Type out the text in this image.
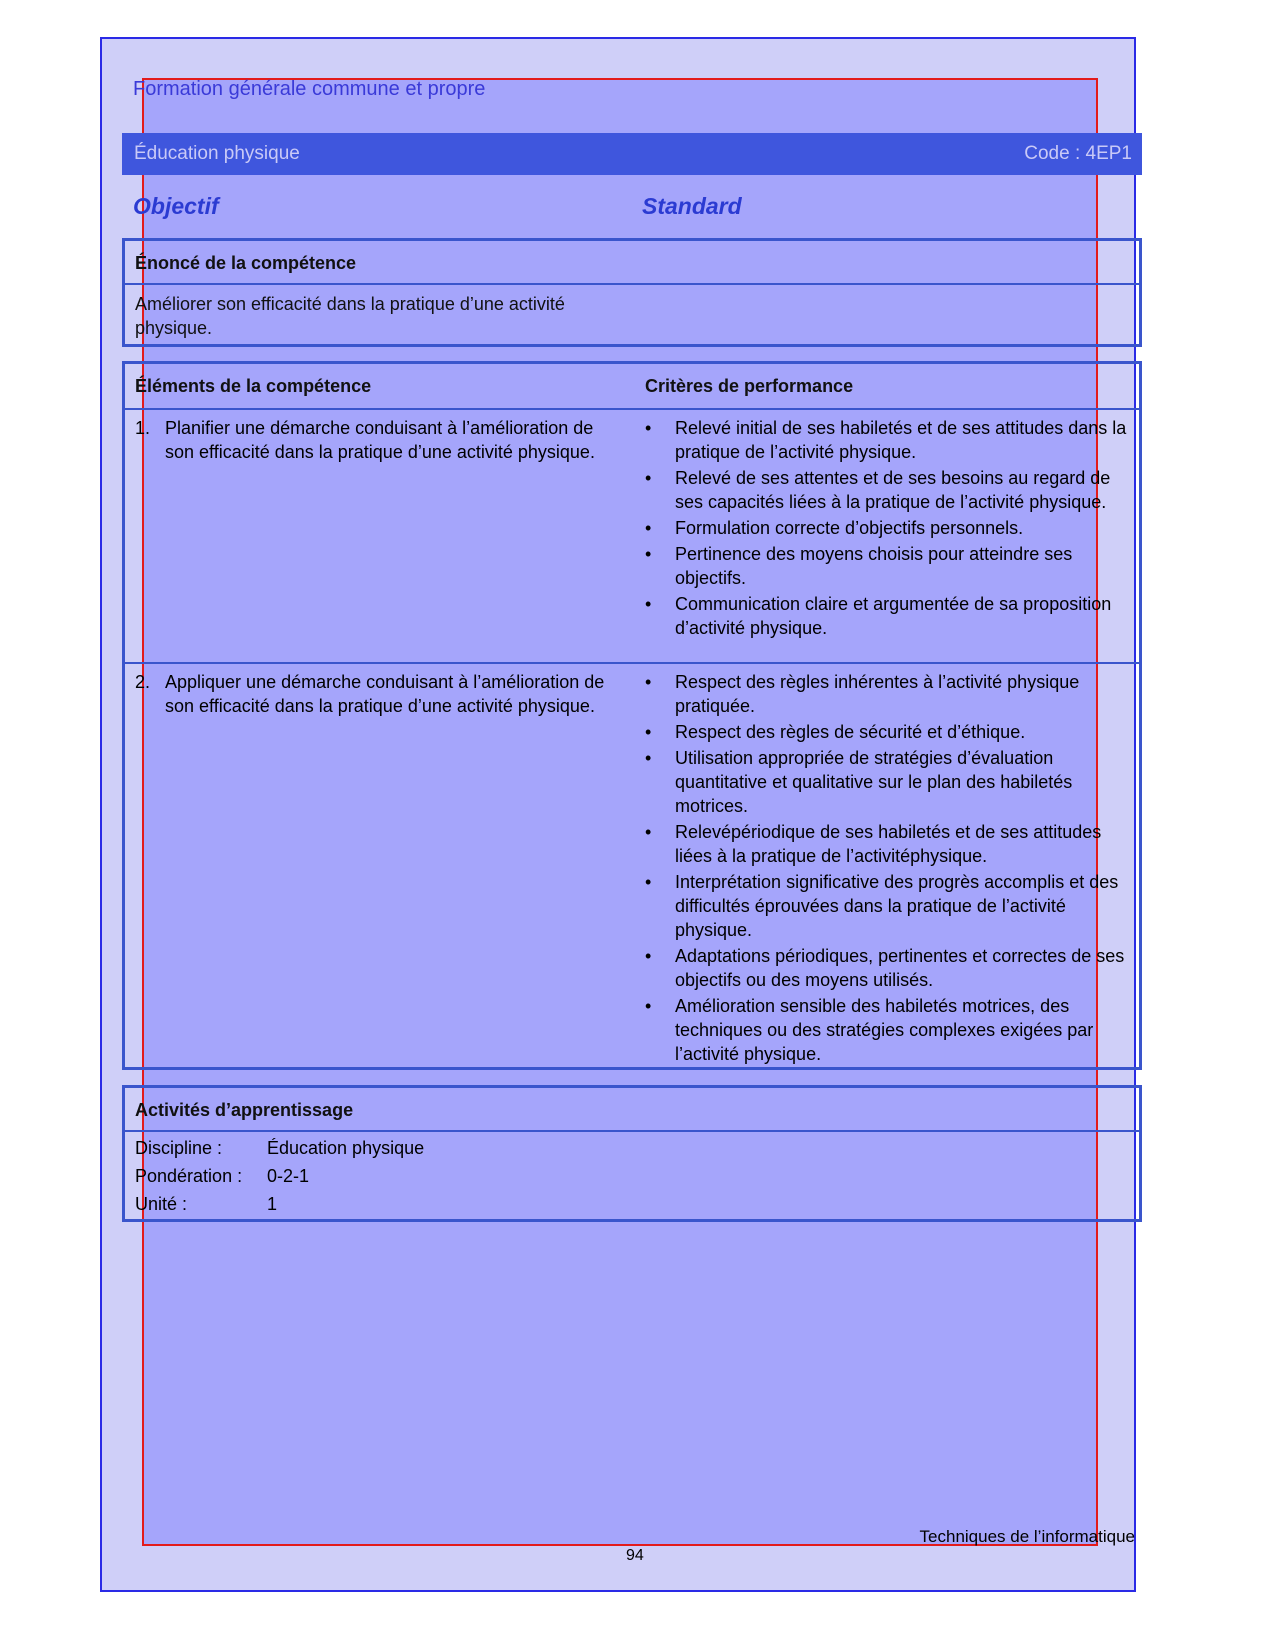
Formation générale commune et propre
Éducation physique	Code : 4EP1
Objectif	Standard
Énoncé de la compétence
Améliorer son efficacité dans la pratique d’une activité physique.
Éléments de la compétence	Critères de performance
1. Planifier une démarche conduisant à l’amélioration de son efficacité dans la pratique d’une activité physique.
• Relevé initial de ses habiletés et de ses attitudes dans la pratique de l’activité physique.
• Relevé de ses attentes et de ses besoins au regard de ses capacités liées à la pratique de l’activité physique.
• Formulation correcte d’objectifs personnels.
• Pertinence des moyens choisis pour atteindre ses objectifs.
• Communication claire et argumentée de sa proposition d’activité physique.
2. Appliquer une démarche conduisant à l’amélioration de son efficacité dans la pratique d’une activité physique.
• Respect des règles inhérentes à l’activité physique pratiquée.
• Respect des règles de sécurité et d’éthique.
• Utilisation appropriée de stratégies d’évaluation quantitative et qualitative sur le plan des habiletés motrices.
• Relevépériodique de ses habiletés et de ses attitudes liées à la pratique de l’activitéphysique.
• Interprétation significative des progrès accomplis et des difficultés éprouvées dans la pratique de l’activité physique.
• Adaptations périodiques, pertinentes et correctes de ses objectifs ou des moyens utilisés.
• Amélioration sensible des habiletés motrices, des techniques ou des stratégies complexes exigées par l’activité physique.
Activités d’apprentissage
Discipline : Éducation physique
Pondération : 0-2-1
Unité :	1
Techniques de l’informatique
94
